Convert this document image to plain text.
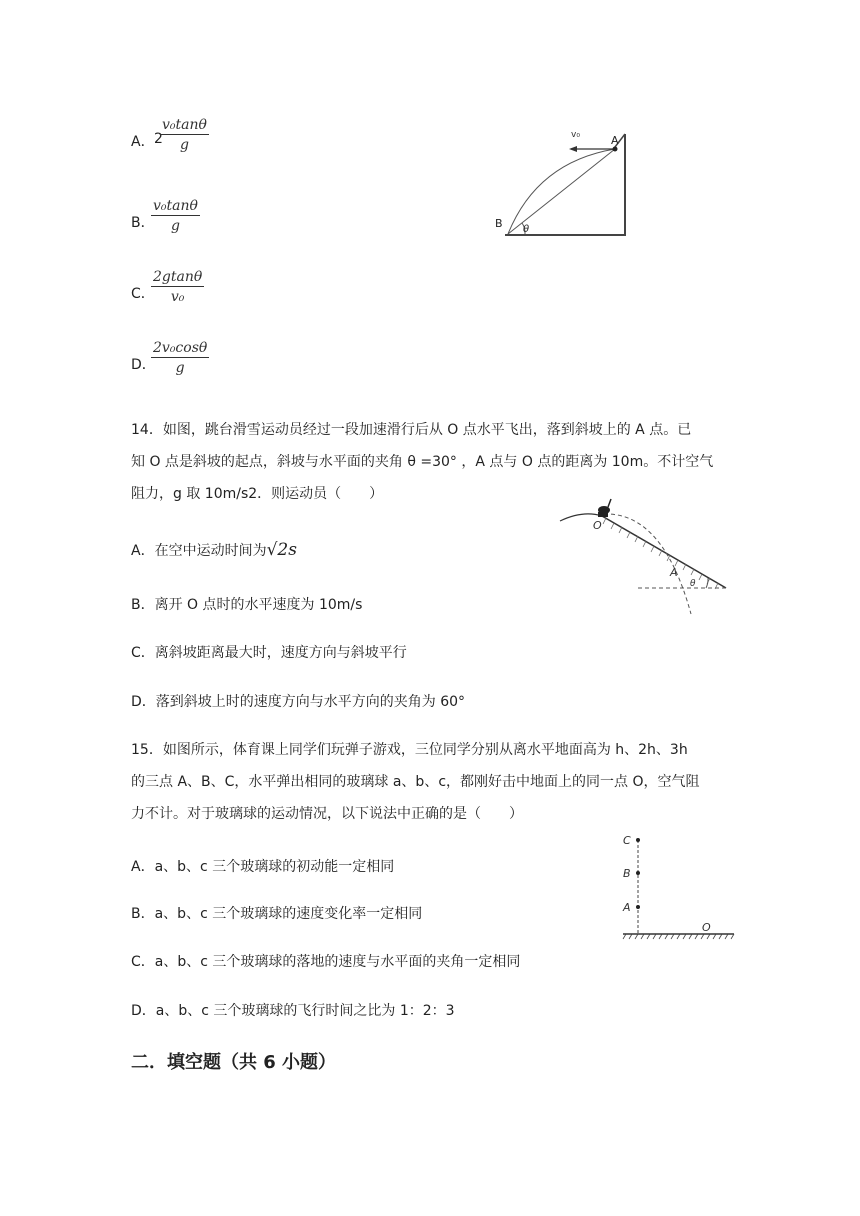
A． 2
$\frac{\text{v₀tanθ}}{g}$
B．
$\frac{\text{v₀tanθ}}{g}$
C．
$\frac{2gtan\theta}{\text{v₀}}$
D．
$\frac{\text{2v₀cosθ}}{g}$
v₀	A
B θ
14．如图，跳台滑雪运动员经过一段加速滑行后从 O 点水平飞出，落到斜坡上的 A 点。已
知 O 点是斜坡的起点，斜坡与水平面的夹角 θ =30° ，A 点与 O 点的距离为 10m。不计空气
阻力，g 取 10m/s2．则运动员（　　）
A．在空中运动时间为√2s
B．离开 O 点时的水平速度为 10m/s
C．离斜坡距离最大时，速度方向与斜坡平行
D．落到斜坡上时的速度方向与水平方向的夹角为 60°
O
A
θ
15．如图所示，体育课上同学们玩弹子游戏，三位同学分别从离水平地面高为 h、2h、3h
的三点 A、B、C，水平弹出相同的玻璃球 a、b、c，都刚好击中地面上的同一点 O，空气阻
力不计。对于玻璃球的运动情况，以下说法中正确的是（　　）
A．a、b、c 三个玻璃球的初动能一定相同
B．a、b、c 三个玻璃球的速度变化率一定相同
C．a、b、c 三个玻璃球的落地的速度与水平面的夹角一定相同
D．a、b、c 三个玻璃球的飞行时间之比为 1：2：3
C
B
A
O
二．填空题（共 6 小题）
